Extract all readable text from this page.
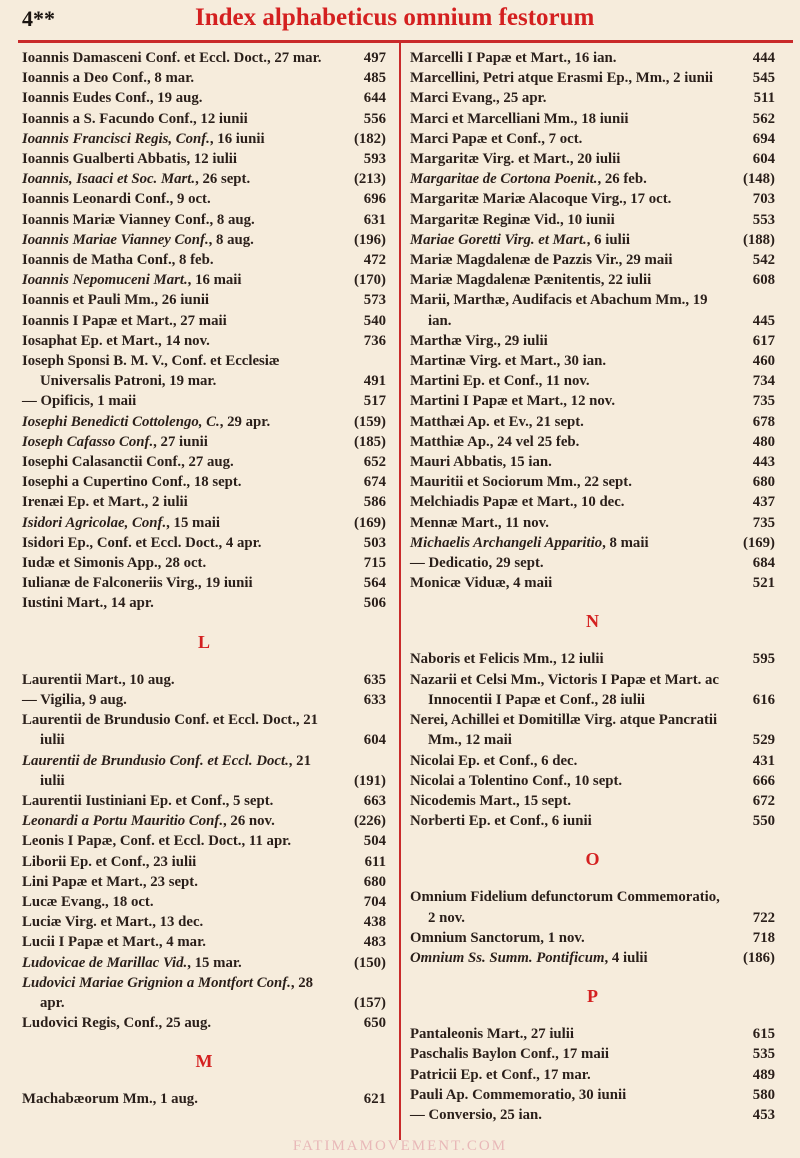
4**	Index alphabeticus omnium festorum
Ioannis Damasceni Conf. et Eccl. Doct., 27 mar.	497
Ioannis a Deo Conf., 8 mar.	485
Ioannis Eudes Conf., 19 aug.	644
Ioannis a S. Facundo Conf., 12 iunii	556
Ioannis Francisci Regis, Conf., 16 iunii	(182)
Ioannis Gualberti Abbatis, 12 iulii	593
Ioannis, Isaaci et Soc. Mart., 26 sept.	(213)
Ioannis Leonardi Conf., 9 oct.	696
Ioannis Mariæ Vianney Conf., 8 aug.	631
Ioannis Mariae Vianney Conf., 8 aug.	(196)
Ioannis de Matha Conf., 8 feb.	472
Ioannis Nepomuceni Mart., 16 maii	(170)
Ioannis et Pauli Mm., 26 iunii	573
Ioannis I Papæ et Mart., 27 maii	540
Iosaphat Ep. et Mart., 14 nov.	736
Ioseph Sponsi B. M. V., Conf. et Ecclesiæ Universalis Patroni, 19 mar.	491
— Opificis, 1 maii	517
Iosephi Benedicti Cottolengo, C., 29 apr.	(159)
Ioseph Cafasso Conf., 27 iunii	(185)
Iosephi Calasanctii Conf., 27 aug.	652
Iosephi a Cupertino Conf., 18 sept.	674
Irenæi Ep. et Mart., 2 iulii	586
Isidori Agricolae, Conf., 15 maii	(169)
Isidori Ep., Conf. et Eccl. Doct., 4 apr.	503
Iudæ et Simonis App., 28 oct.	715
Iulianæ de Falconeriis Virg., 19 iunii	564
Iustini Mart., 14 apr.	506
L
Laurentii Mart., 10 aug.	635
— Vigilia, 9 aug.	633
Laurentii de Brundusio Conf. et Eccl. Doct., 21 iulii	604
Laurentii de Brundusio Conf. et Eccl. Doct., 21 iulii	(191)
Laurentii Iustiniani Ep. et Conf., 5 sept.	663
Leonardi a Portu Mauritio Conf., 26 nov.	(226)
Leonis I Papæ, Conf. et Eccl. Doct., 11 apr.	504
Liborii Ep. et Conf., 23 iulii	611
Lini Papæ et Mart., 23 sept.	680
Lucæ Evang., 18 oct.	704
Luciæ Virg. et Mart., 13 dec.	438
Lucii I Papæ et Mart., 4 mar.	483
Ludovicae de Marillac Vid., 15 mar.	(150)
Ludovici Mariae Grignion a Montfort Conf., 28 apr.	(157)
Ludovici Regis, Conf., 25 aug.	650
M
Machabæorum Mm., 1 aug.	621
Marcelli I Papæ et Mart., 16 ian.	444
Marcellini, Petri atque Erasmi Ep., Mm., 2 iunii	545
Marci Evang., 25 apr.	511
Marci et Marcelliani Mm., 18 iunii	562
Marci Papæ et Conf., 7 oct.	694
Margaritæ Virg. et Mart., 20 iulii	604
Margaritae de Cortona Poenit., 26 feb.	(148)
Margaritæ Mariæ Alacoque Virg., 17 oct.	703
Margaritæ Reginæ Vid., 10 iunii	553
Mariae Goretti Virg. et Mart., 6 iulii	(188)
Mariæ Magdalenæ de Pazzis Vir., 29 maii	542
Mariæ Magdalenæ Pænitentis, 22 iulii	608
Marii, Marthæ, Audifacis et Abachum Mm., 19 ian.	445
Marthæ Virg., 29 iulii	617
Martinæ Virg. et Mart., 30 ian.	460
Martini Ep. et Conf., 11 nov.	734
Martini I Papæ et Mart., 12 nov.	735
Matthæi Ap. et Ev., 21 sept.	678
Matthiæ Ap., 24 vel 25 feb.	480
Mauri Abbatis, 15 ian.	443
Mauritii et Sociorum Mm., 22 sept.	680
Melchiadis Papæ et Mart., 10 dec.	437
Mennæ Mart., 11 nov.	735
Michaelis Archangeli Apparitio, 8 maii	(169)
— Dedicatio, 29 sept.	684
Monicæ Viduæ, 4 maii	521
N
Naboris et Felicis Mm., 12 iulii	595
Nazarii et Celsi Mm., Victoris I Papæ et Mart. ac Innocentii I Papæ et Conf., 28 iulii	616
Nerei, Achillei et Domitillæ Virg. atque Pancratii Mm., 12 maii	529
Nicolai Ep. et Conf., 6 dec.	431
Nicolai a Tolentino Conf., 10 sept.	666
Nicodemis Mart., 15 sept.	672
Norberti Ep. et Conf., 6 iunii	550
O
Omnium Fidelium defunctorum Commemoratio, 2 nov.	722
Omnium Sanctorum, 1 nov.	718
Omnium Ss. Summ. Pontificum, 4 iulii	(186)
P
Pantaleonis Mart., 27 iulii	615
Paschalis Baylon Conf., 17 maii	535
Patricii Ep. et Conf., 17 mar.	489
Pauli Ap. Commemoratio, 30 iunii	580
— Conversio, 25 ian.	453
FATIMAMOVEMENT.COM
